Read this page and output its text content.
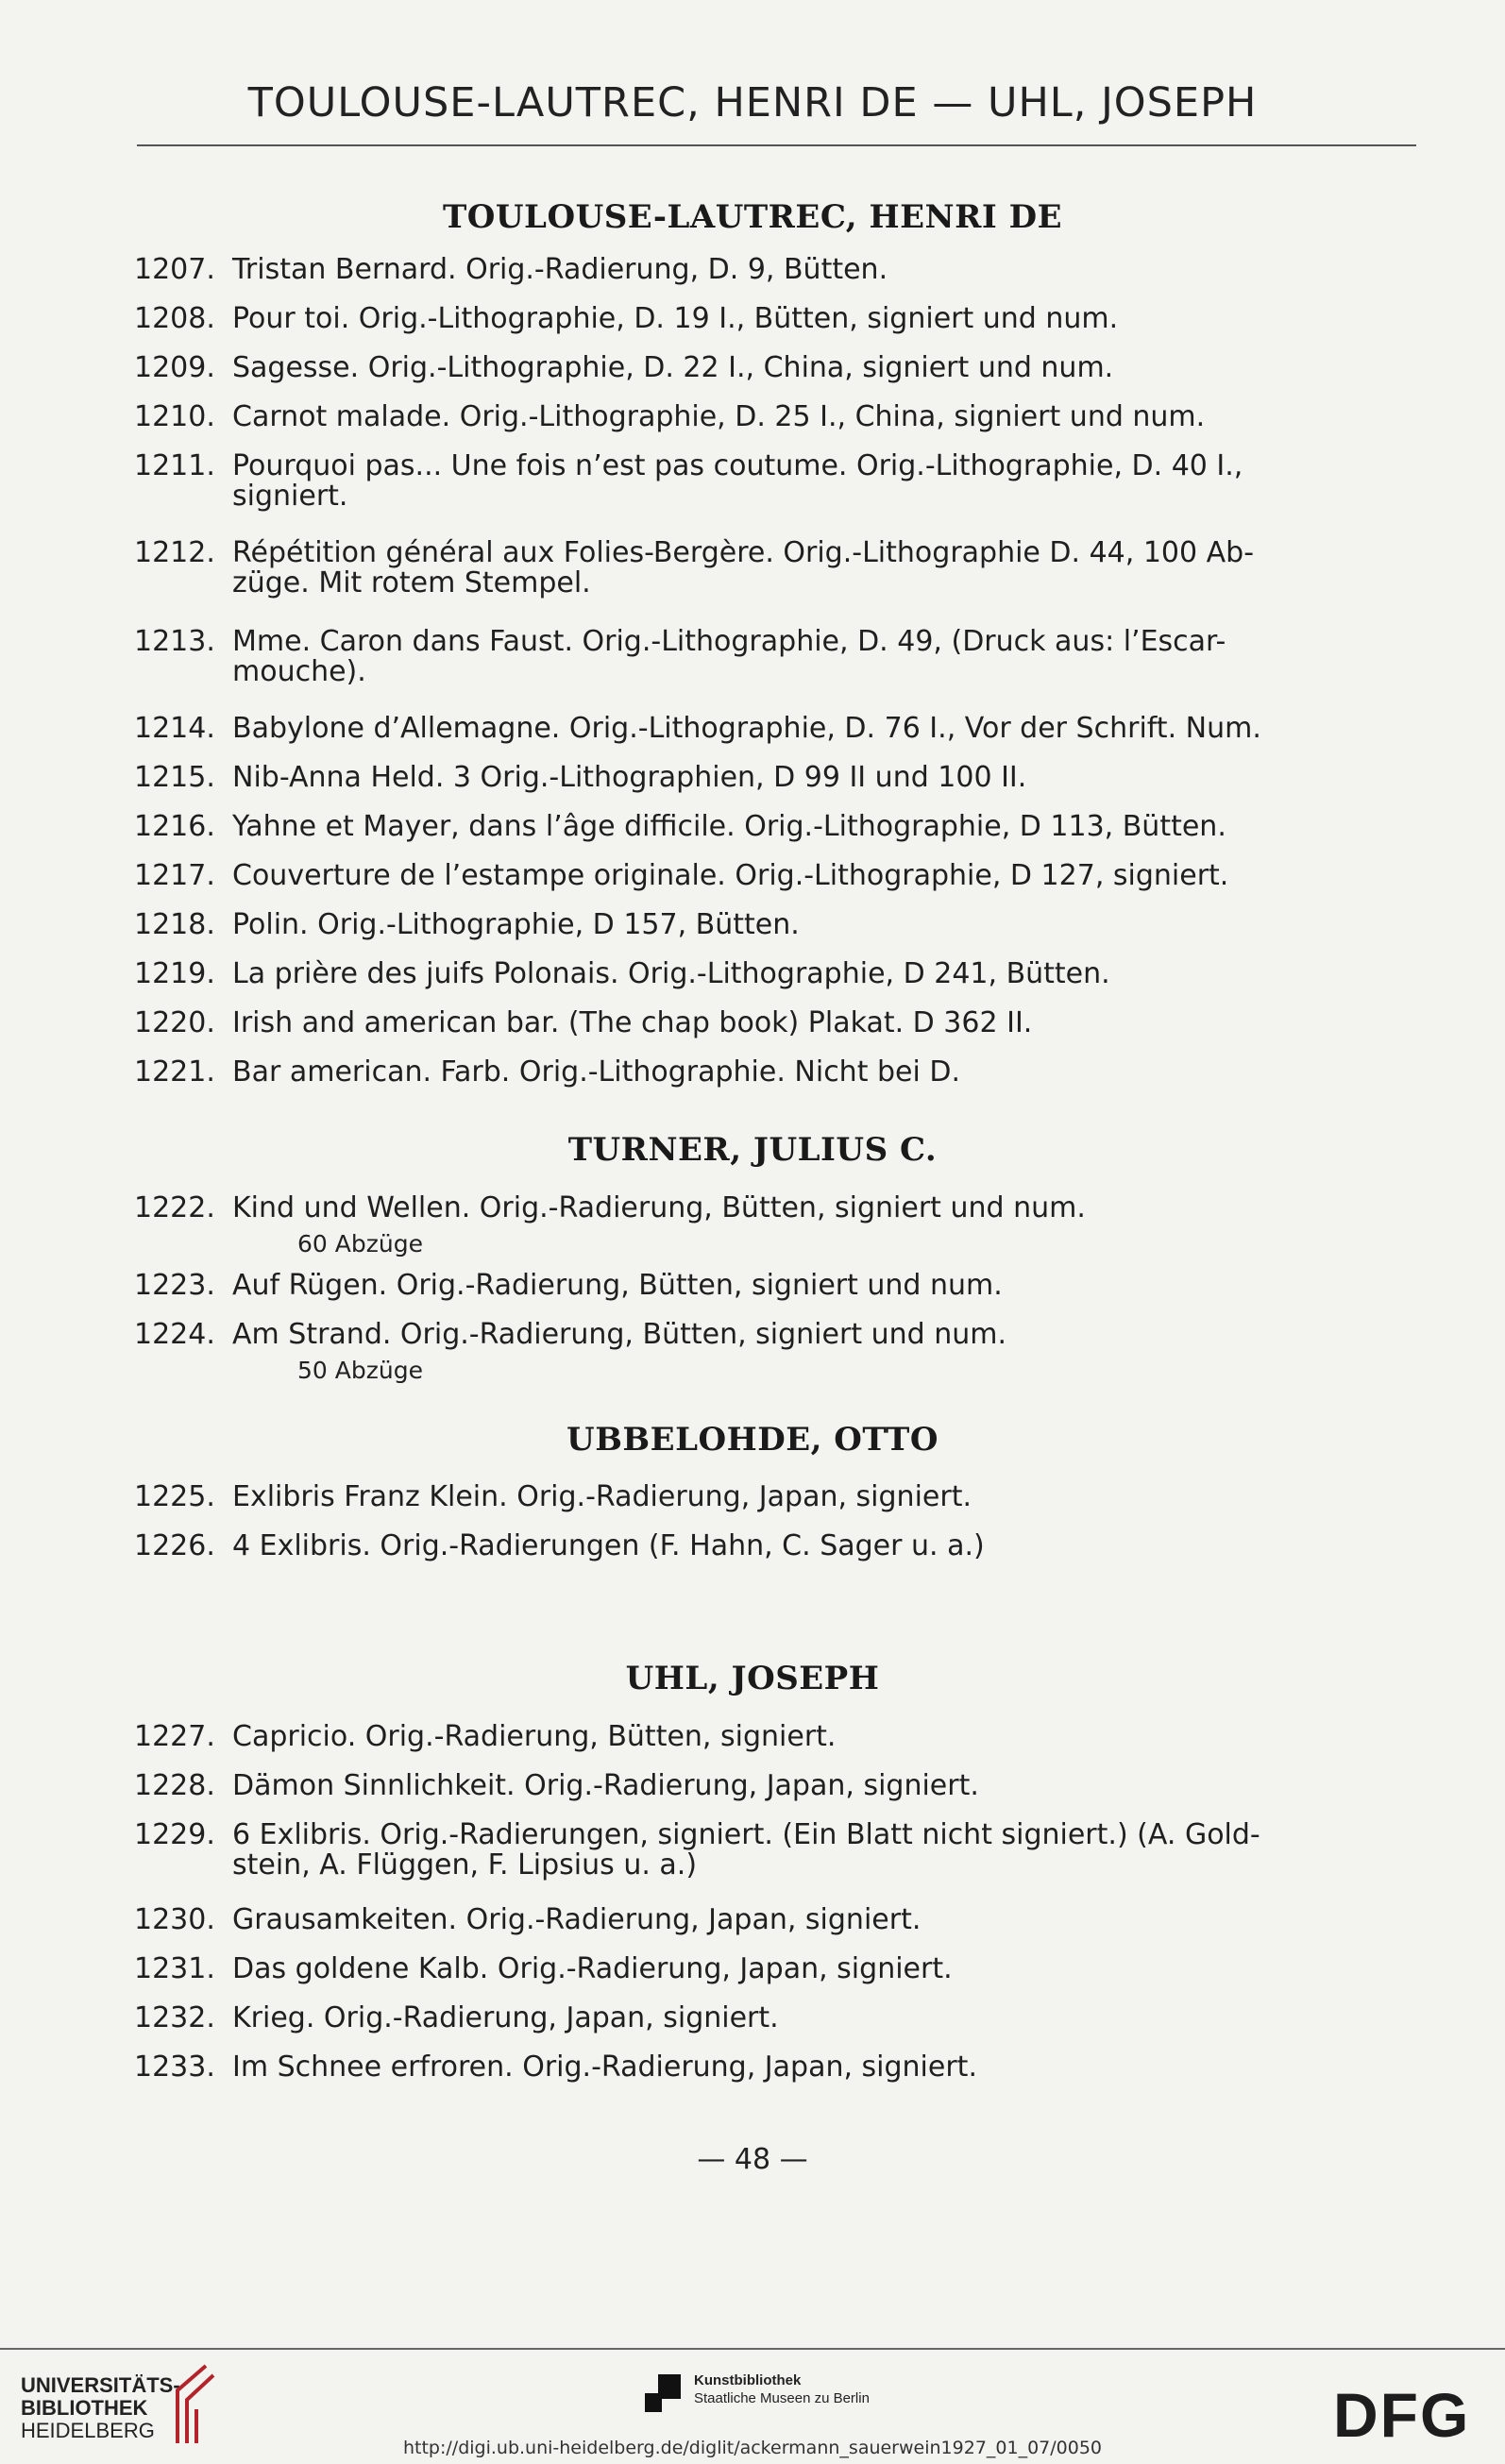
TOULOUSE-LAUTREC, HENRI DE — UHL, JOSEPH
TOULOUSE-LAUTREC, HENRI DE
1207. Tristan Bernard. Orig.-Radierung, D. 9, Bütten.
1208. Pour toi. Orig.-Lithographie, D. 19 I., Bütten, signiert und num.
1209. Sagesse. Orig.-Lithographie, D. 22 I., China, signiert und num.
1210. Carnot malade. Orig.-Lithographie, D. 25 I., China, signiert und num.
1211. Pourquoi pas... Une fois n’est pas coutume. Orig.-Lithographie, D. 40 I.,
signiert.
1212. Répétition général aux Folies-Bergère. Orig.-Lithographie D. 44, 100 Ab-
züge. Mit rotem Stempel.
1213. Mme. Caron dans Faust. Orig.-Lithographie, D. 49, (Druck aus: l’Escar-
mouche).
1214. Babylone d’Allemagne. Orig.-Lithographie, D. 76 I., Vor der Schrift. Num.
1215. Nib-Anna Held. 3 Orig.-Lithographien, D 99 II und 100 II.
1216. Yahne et Mayer, dans l’âge difficile. Orig.-Lithographie, D 113, Bütten.
1217. Couverture de l’estampe originale. Orig.-Lithographie, D 127, signiert.
1218. Polin. Orig.-Lithographie, D 157, Bütten.
1219. La prière des juifs Polonais. Orig.-Lithographie, D 241, Bütten.
1220. Irish and american bar. (The chap book) Plakat. D 362 II.
1221. Bar american. Farb. Orig.-Lithographie. Nicht bei D.
TURNER, JULIUS C.
1222. Kind und Wellen. Orig.-Radierung, Bütten, signiert und num.
60 Abzüge
1223. Auf Rügen. Orig.-Radierung, Bütten, signiert und num.
1224. Am Strand. Orig.-Radierung, Bütten, signiert und num.
50 Abzüge
UBBELOHDE, OTTO
1225. Exlibris Franz Klein. Orig.-Radierung, Japan, signiert.
1226. 4 Exlibris. Orig.-Radierungen (F. Hahn, C. Sager u. a.)
UHL, JOSEPH
1227. Capricio. Orig.-Radierung, Bütten, signiert.
1228. Dämon Sinnlichkeit. Orig.-Radierung, Japan, signiert.
1229. 6 Exlibris. Orig.-Radierungen, signiert. (Ein Blatt nicht signiert.) (A. Gold-
stein, A. Flüggen, F. Lipsius u. a.)
1230. Grausamkeiten. Orig.-Radierung, Japan, signiert.
1231. Das goldene Kalb. Orig.-Radierung, Japan, signiert.
1232. Krieg. Orig.-Radierung, Japan, signiert.
1233. Im Schnee erfroren. Orig.-Radierung, Japan, signiert.
— 48 —
UNIVERSITÄTS-
BIBLIOTHEK
HEIDELBERG
Kunstbibliothek
Staatliche Museen zu Berlin	DFG
http://digi.ub.uni-heidelberg.de/diglit/ackermann_sauerwein1927_01_07/0050
